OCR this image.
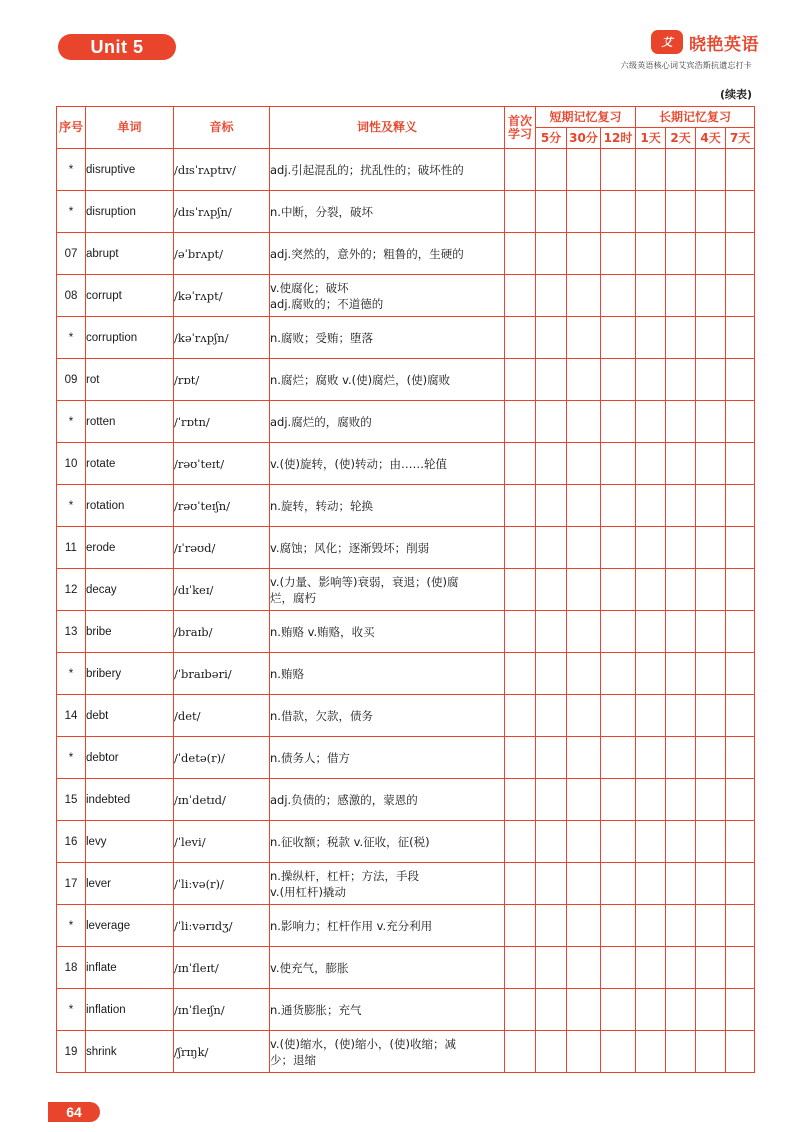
Unit 5	艾 晓艳英语
六级英语核心词艾宾浩斯抗遗忘打卡
(续表)
序号	单词	音标	词性及释义	首次学习	短期记忆复习			长期记忆复习			
					5分	30分	12时	1天	2天	4天	7天
*	disruptive	/dɪsˈrʌptɪv/	adj.引起混乱的；扰乱性的；破坏性的								

*	disruption	/dɪsˈrʌpʃn/	n.中断，分裂，破坏								

07	abrupt	/əˈbrʌpt/	adj.突然的，意外的；粗鲁的，生硬的								

08	corrupt	/kəˈrʌpt/	v.使腐化；破坏
adj.腐败的；不道德的								

*	corruption	/kəˈrʌpʃn/	n.腐败；受贿；堕落								

09	rot	/rɒt/	n.腐烂；腐败 v.(使)腐烂，(使)腐败								

*	rotten	/ˈrɒtn/	adj.腐烂的，腐败的								

10	rotate	/rəʊˈteɪt/	v.(使)旋转，(使)转动；由……轮值								

*	rotation	/rəʊˈteɪʃn/	n.旋转，转动；轮换								

11	erode	/ɪˈrəʊd/	v.腐蚀；风化；逐渐毁坏；削弱								

12	decay	/dɪˈkeɪ/	v.(力量、影响等)衰弱，衰退；(使)腐
烂，腐朽								

13	bribe	/braɪb/	n.贿赂 v.贿赂，收买								

*	bribery	/ˈbraɪbəri/	n.贿赂								

14	debt	/det/	n.借款，欠款，债务								

*	debtor	/ˈdetə(r)/	n.债务人；借方								

15	indebted	/ɪnˈdetɪd/	adj.负债的；感激的，蒙恩的								

16	levy	/ˈlevi/	n.征收额；税款 v.征收，征(税)								

17	lever	/ˈliːvə(r)/	n.操纵杆，杠杆；方法，手段
v.(用杠杆)撬动								

*	leverage	/ˈliːvərɪdʒ/	n.影响力；杠杆作用 v.充分利用								

18	inflate	/ɪnˈfleɪt/	v.使充气，膨胀								

*	inflation	/ɪnˈfleɪʃn/	n.通货膨胀；充气								

19	shrink	/ʃrɪŋk/	v.(使)缩水，(使)缩小，(使)收缩；减
少；退缩								

64
